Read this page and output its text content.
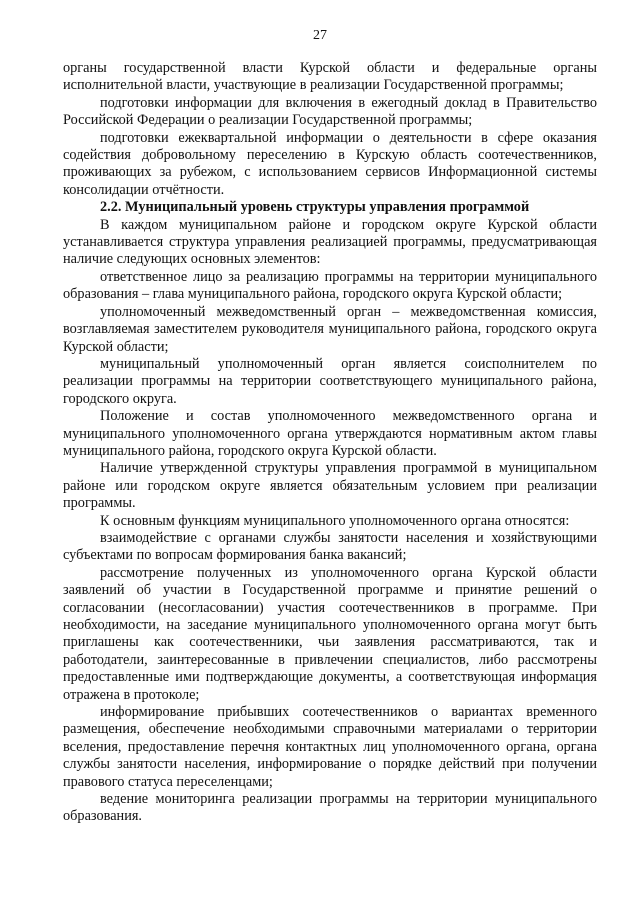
27

органы государственной власти Курской области и федеральные органы исполнительной власти, участвующие в реализации Государственной программы;

подготовки информации для включения в ежегодный доклад в Правительство Российской Федерации о реализации Государственной программы;

подготовки ежеквартальной информации о деятельности в сфере оказания содействия добровольному переселению в Курскую область соотечественников, проживающих за рубежом, с использованием сервисов Информационной системы консолидации отчётности.

2.2. Муниципальный уровень структуры управления программой

В каждом муниципальном районе и городском округе Курской области устанавливается структура управления реализацией программы, предусматривающая наличие следующих основных элементов:

ответственное лицо за реализацию программы на территории муниципального образования – глава муниципального района, городского округа Курской области;

уполномоченный межведомственный орган – межведомственная комиссия, возглавляемая заместителем руководителя муниципального района, городского округа Курской области;

муниципальный уполномоченный орган является соисполнителем по реализации программы на территории соответствующего муниципального района, городского округа.

Положение и состав уполномоченного межведомственного органа и муниципального уполномоченного органа утверждаются нормативным актом главы муниципального района, городского округа Курской области.

Наличие утвержденной структуры управления программой в муниципальном районе или городском округе является обязательным условием при реализации программы.

К основным функциям муниципального уполномоченного органа относятся:

взаимодействие с органами службы занятости населения и хозяйствующими субъектами по вопросам формирования банка вакансий;

рассмотрение полученных из уполномоченного органа Курской области заявлений об участии в Государственной программе и принятие решений о согласовании (несогласовании) участия соотечественников в программе. При необходимости, на заседание муниципального уполномоченного органа могут быть приглашены как соотечественники, чьи заявления рассматриваются, так и работодатели, заинтересованные в привлечении специалистов, либо рассмотрены предоставленные ими подтверждающие документы, а соответствующая информация отражена в протоколе;

информирование прибывших соотечественников о вариантах временного размещения, обеспечение необходимыми справочными материалами о территории вселения, предоставление перечня контактных лиц уполномоченного органа, органа службы занятости населения, информирование о порядке действий при получении правового статуса переселенцами;

ведение мониторинга реализации программы на территории муниципального образования.
